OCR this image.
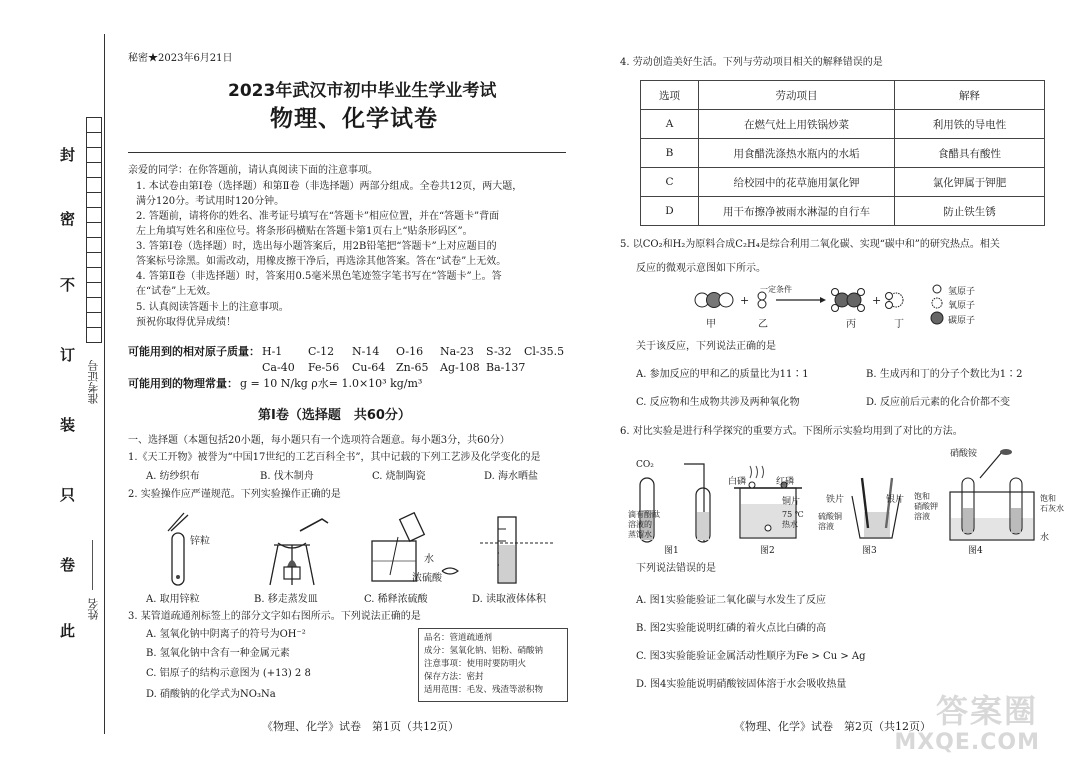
封
密
不
订
装
只
卷
此
准考证号
姓名
秘密★2023年6月21日
2023年武汉市初中毕业生学业考试
物理、化学试卷
亲爱的同学：在你答题前，请认真阅读下面的注意事项。
1. 本试卷由第Ⅰ卷（选择题）和第Ⅱ卷（非选择题）两部分组成。全卷共12页，两大题，
满分120分。考试用时120分钟。
2. 答题前，请将你的姓名、准考证号填写在“答题卡”相应位置，并在“答题卡”背面
左上角填写姓名和座位号。将条形码横贴在答题卡第1页右上“贴条形码区”。
3. 答第Ⅰ卷（选择题）时，选出每小题答案后，用2B铅笔把“答题卡”上对应题目的
答案标号涂黑。如需改动，用橡皮擦干净后，再选涂其他答案。答在“试卷”上无效。
4. 答第Ⅱ卷（非选择题）时，答案用0.5毫米黑色笔迹签字笔书写在“答题卡”上。答
在“试卷”上无效。
5. 认真阅读答题卡上的注意事项。
预祝你取得优异成绩！
可能用到的相对原子质量： H-1 C-12 N-14 O-16 Na-23 S-32 Cl-35.5
Ca-40 Fe-56 Cu-64 Zn-65 Ag-108 Ba-137
可能用到的物理常量： g = 10 N/kg ρ水= 1.0×10³ kg/m³
第Ⅰ卷（选择题　共60分）
一、选择题（本题包括20小题，每小题只有一个选项符合题意。每小题3分，共60分）
1.《天工开物》被誉为“中国17世纪的工艺百科全书”，其中记载的下列工艺涉及化学变化的是
A. 纺纱织布	B. 伐木制舟	C. 烧制陶瓷	D. 海水晒盐
2. 实验操作应严谨规范。下列实验操作正确的是
锌粒
水
浓硫酸
A. 取用锌粒	B. 移走蒸发皿	C. 稀释浓硫酸	D. 读取液体体积
3. 某管道疏通剂标签上的部分文字如右图所示。下列说法正确的是
A. 氢氧化钠中阴离子的符号为OH⁻²
B. 氢氧化钠中含有一种金属元素
C. 铝原子的结构示意图为 (+13) 2 8
D. 硝酸钠的化学式为NO₃Na
品名：管道疏通剂
成分：氢氧化钠、铝粉、硝酸钠
注意事项：使用时要防明火
保存方法：密封
适用范围：毛发、残渣等淤积物
《物理、化学》试卷　第1页（共12页）
4. 劳动创造美好生活。下列与劳动项目相关的解释错误的是
选项	劳动项目	解释
A	在燃气灶上用铁锅炒菜	利用铁的导电性
B	用食醋洗涤热水瓶内的水垢	食醋具有酸性
C	给校园中的花草施用氯化钾	氯化钾属于钾肥
D	用干布擦净被雨水淋湿的自行车	防止铁生锈
5. 以CO₂和H₂为原料合成C₂H₄是综合利用二氧化碳、实现“碳中和”的研究热点。相关
反应的微观示意图如下所示。
+	+
一定条件
甲	乙	丙	丁
氢原子
氧原子
碳原子
关于该反应，下列说法正确的是
A. 参加反应的甲和乙的质量比为11∶1	B. 生成丙和丁的分子个数比为1∶2
C. 反应物和生成物共涉及两种氧化物	D. 反应前后元素的化合价都不变
6. 对比实验是进行科学探究的重要方式。下图所示实验均用到了对比的方法。
CO₂
滴有酚酞
溶液的
蒸馏水
图1
白磷	红磷
铜片
75 ℃
热水
图2
铁片	银片
硫酸铜
溶液
图3
硝酸铵
饱和
硝酸钾
溶液
饱和
石灰水
水
图4
下列说法错误的是
A. 图1实验能验证二氧化碳与水发生了反应
B. 图2实验能说明红磷的着火点比白磷的高
C. 图3实验能验证金属活动性顺序为Fe > Cu > Ag
D. 图4实验能说明硝酸铵固体溶于水会吸收热量
《物理、化学》试卷　第2页（共12页） 答案圈
MXQE.COM
